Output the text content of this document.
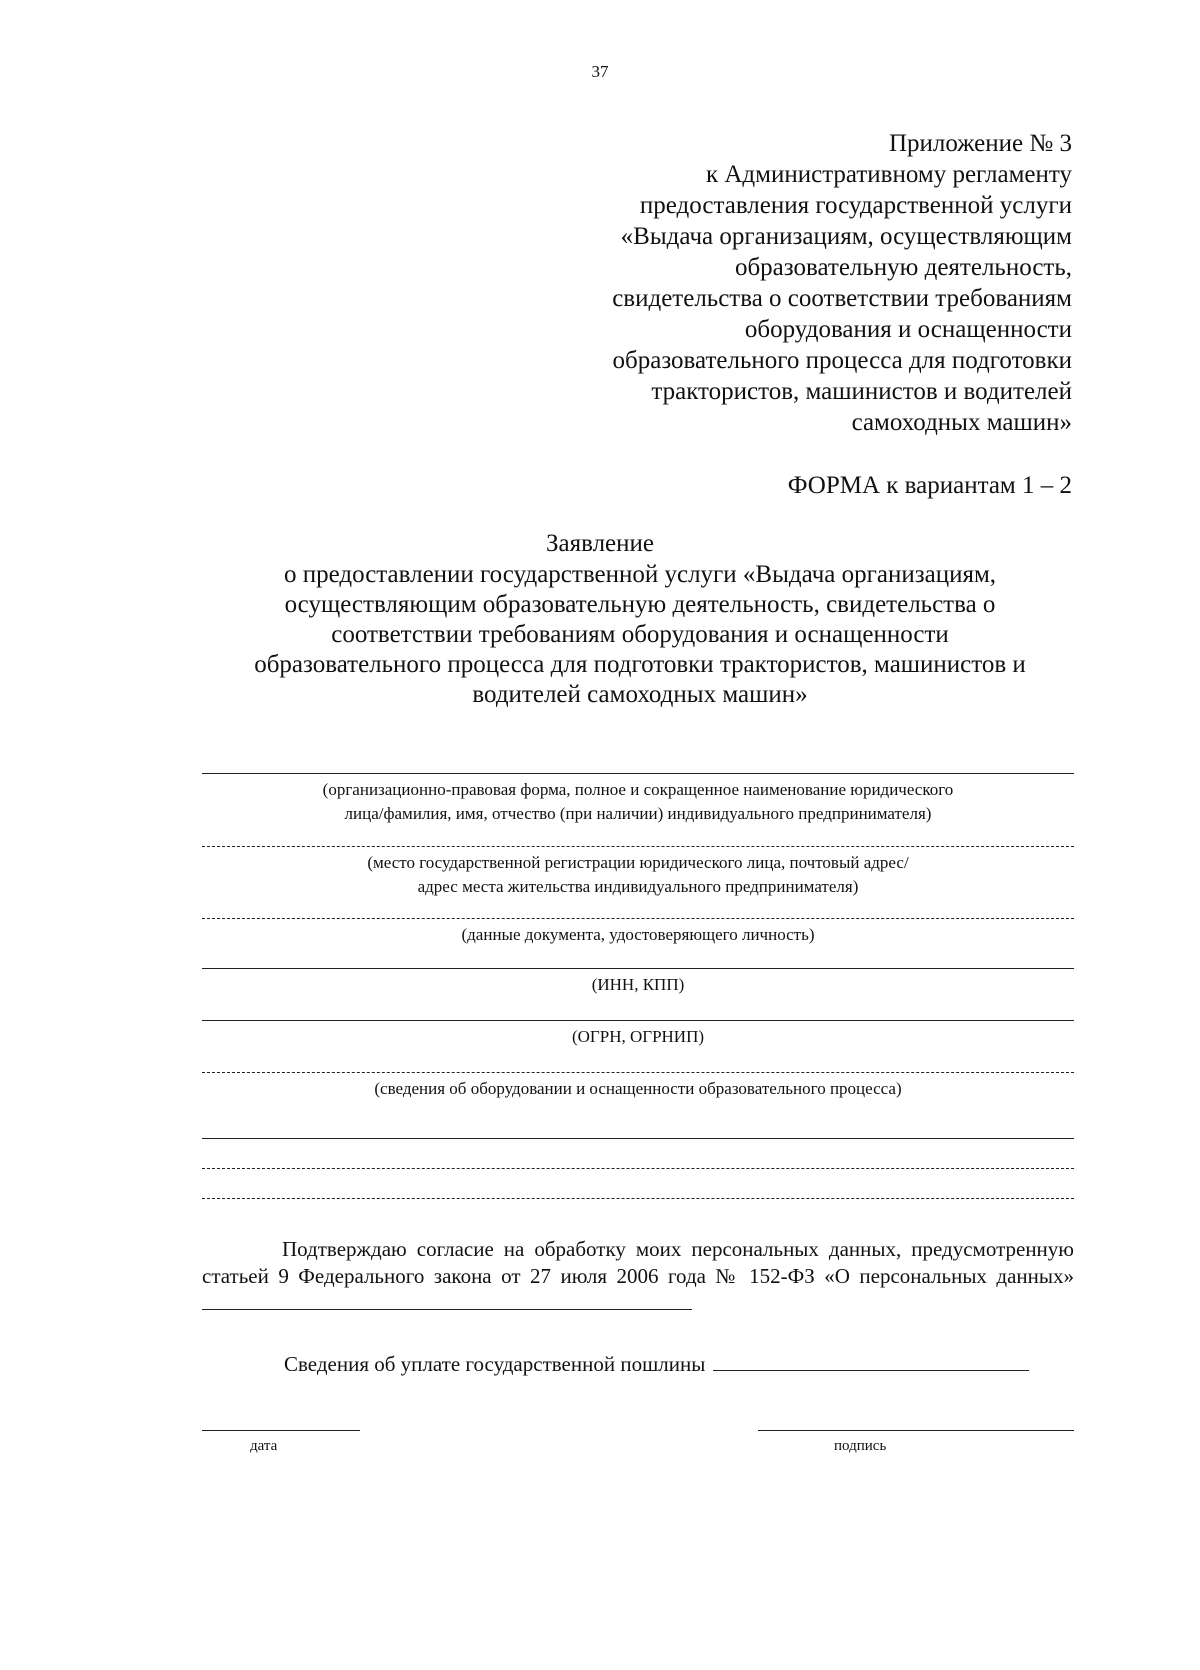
37
Приложение № 3
к Административному регламенту
предоставления государственной услуги
«Выдача организациям, осуществляющим
образовательную деятельность,
свидетельства о соответствии требованиям
оборудования и оснащенности
образовательного процесса для подготовки
трактористов, машинистов и водителей
самоходных машин»
ФОРМА к вариантам 1 – 2
Заявление
о предоставлении государственной услуги «Выдача организациям,
осуществляющим образовательную деятельность, свидетельства о
соответствии требованиям оборудования и оснащенности
образовательного процесса для подготовки трактористов, машинистов и
водителей самоходных машин»
(организационно-правовая форма, полное и сокращенное наименование юридического
лица/фамилия, имя, отчество (при наличии) индивидуального предпринимателя)
(место государственной регистрации юридического лица, почтовый адрес/
адрес места жительства индивидуального предпринимателя)
(данные документа, удостоверяющего личность)
(ИНН, КПП)
(ОГРН, ОГРНИП)
(сведения об оборудовании и оснащенности образовательного процесса)
Подтверждаю согласие на обработку моих персональных данных, предусмотренную статьей 9 Федерального закона от 27 июля 2006 года № 152-ФЗ «О персональных данных»
Сведения об уплате государственной пошлины
дата	подпись
